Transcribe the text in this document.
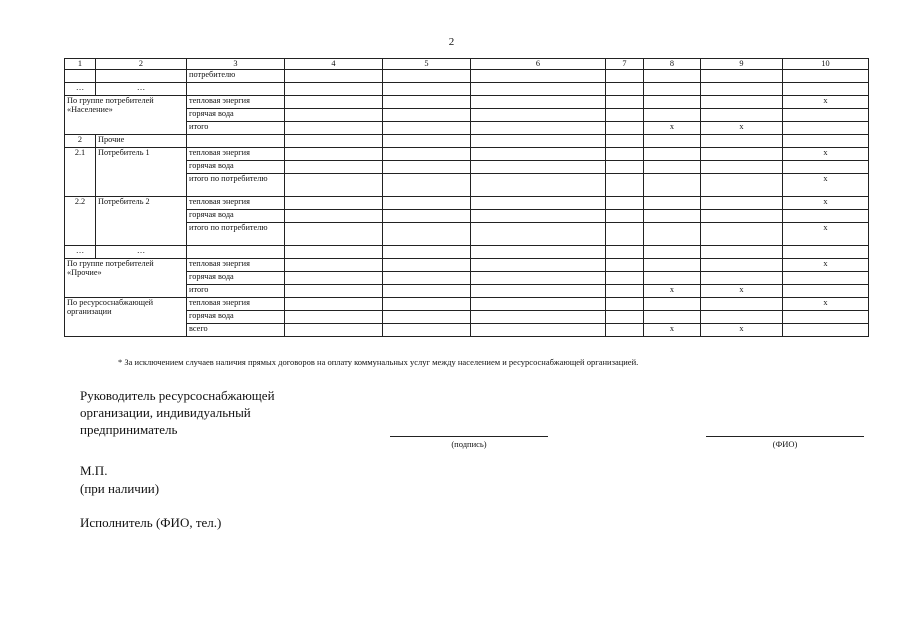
2
1	2	3	4	5	6	7	8	9	10
		потребителю							
…	…								
По группе потребителей «Население»		тепловая энергия							x
		горячая вода							
		итого					x	x	
2	Прочие								
2.1	Потребитель 1	тепловая энергия							x
		горячая вода							
		итого по потребителю							x
2.2	Потребитель 2	тепловая энергия							x
		горячая вода							
		итого по потребителю							x
…	…								
По группе потребителей «Прочие»		тепловая энергия							x
		горячая вода							
		итого					x	x	
По ресурсоснабжающей организации		тепловая энергия							x
		горячая вода							
		всего					x	x	
* За исключением случаев наличия прямых договоров на оплату коммунальных услуг между населением и ресурсоснабжающей организацией.
Руководитель ресурсоснабжающей
организации, индивидуальный
предприниматель
(подпись)	(ФИО)
М.П.
(при наличии)
Исполнитель (ФИО, тел.)
